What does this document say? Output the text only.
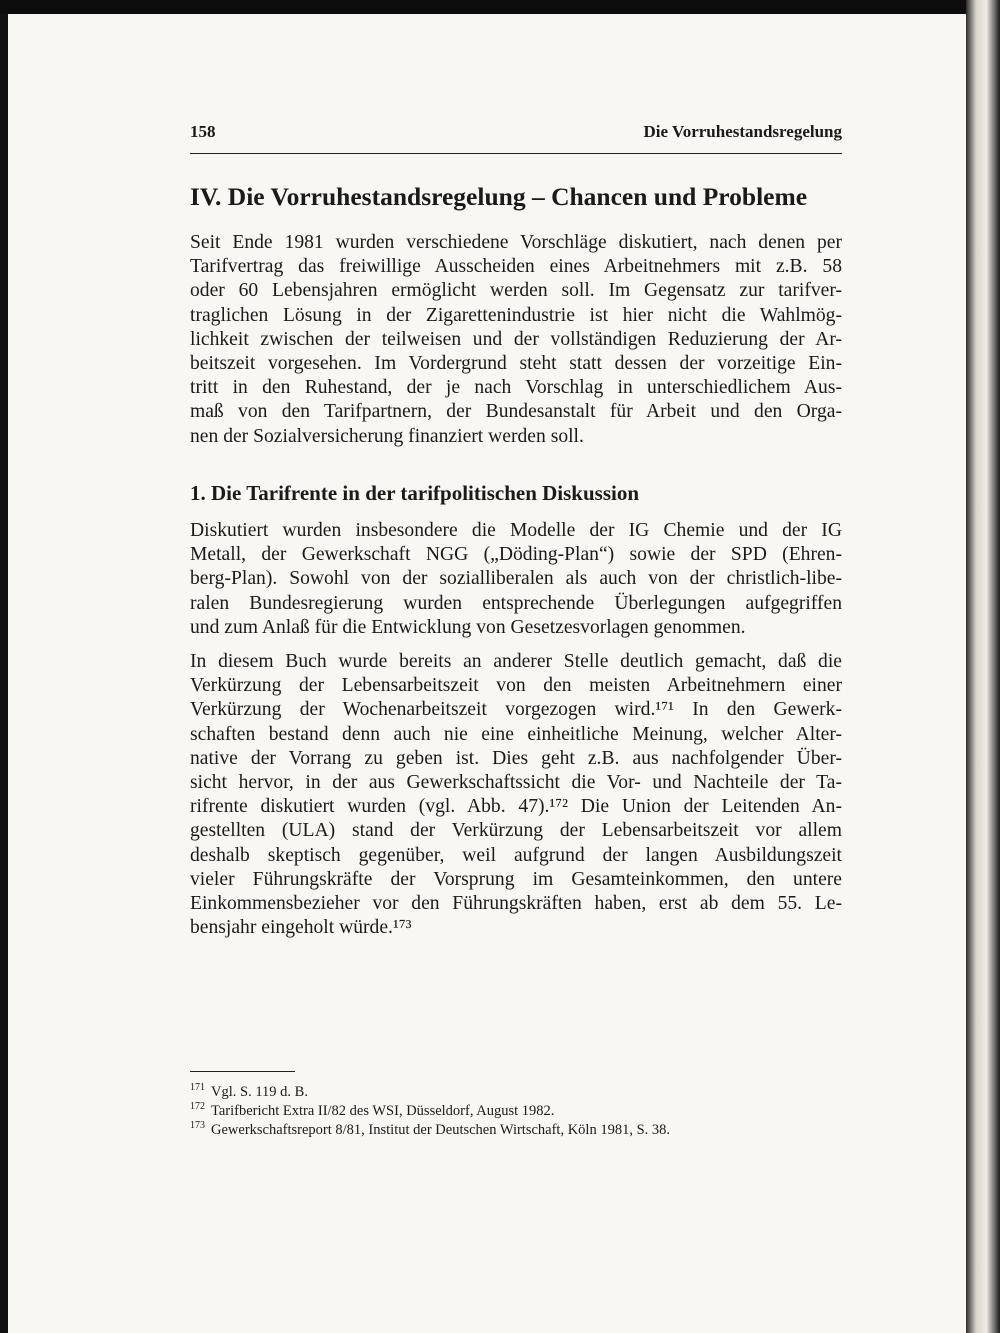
158	Die Vorruhestandsregelung
IV. Die Vorruhestandsregelung – Chancen und Probleme
Seit Ende 1981 wurden verschiedene Vorschläge diskutiert, nach denen per
Tarifvertrag das freiwillige Ausscheiden eines Arbeitnehmers mit z.B. 58
oder 60 Lebensjahren ermöglicht werden soll. Im Gegensatz zur tarifver-
traglichen Lösung in der Zigarettenindustrie ist hier nicht die Wahlmög-
lichkeit zwischen der teilweisen und der vollständigen Reduzierung der Ar-
beitszeit vorgesehen. Im Vordergrund steht statt dessen der vorzeitige Ein-
tritt in den Ruhestand, der je nach Vorschlag in unterschiedlichem Aus-
maß von den Tarifpartnern, der Bundesanstalt für Arbeit und den Orga-
nen der Sozialversicherung finanziert werden soll.
1. Die Tarifrente in der tarifpolitischen Diskussion
Diskutiert wurden insbesondere die Modelle der IG Chemie und der IG
Metall, der Gewerkschaft NGG („Döding-Plan“) sowie der SPD (Ehren-
berg-Plan). Sowohl von der sozialliberalen als auch von der christlich-libe-
ralen Bundesregierung wurden entsprechende Überlegungen aufgegriffen
und zum Anlaß für die Entwicklung von Gesetzesvorlagen genommen.
In diesem Buch wurde bereits an anderer Stelle deutlich gemacht, daß die
Verkürzung der Lebensarbeitszeit von den meisten Arbeitnehmern einer
Verkürzung der Wochenarbeitszeit vorgezogen wird.¹⁷¹ In den Gewerk-
schaften bestand denn auch nie eine einheitliche Meinung, welcher Alter-
native der Vorrang zu geben ist. Dies geht z.B. aus nachfolgender Über-
sicht hervor, in der aus Gewerkschaftssicht die Vor- und Nachteile der Ta-
rifrente diskutiert wurden (vgl. Abb. 47).¹⁷² Die Union der Leitenden An-
gestellten (ULA) stand der Verkürzung der Lebensarbeitszeit vor allem
deshalb skeptisch gegenüber, weil aufgrund der langen Ausbildungszeit
vieler Führungskräfte der Vorsprung im Gesamteinkommen, den untere
Einkommensbezieher vor den Führungskräften haben, erst ab dem 55. Le-
bensjahr eingeholt würde.¹⁷³
$^{171}$ Vgl. S. 119 d. B.
$^{172}$ Tarifbericht Extra II/82 des WSI, Düsseldorf, August 1982.
$^{173}$ Gewerkschaftsreport 8/81, Institut der Deutschen Wirtschaft, Köln 1981, S. 38.
